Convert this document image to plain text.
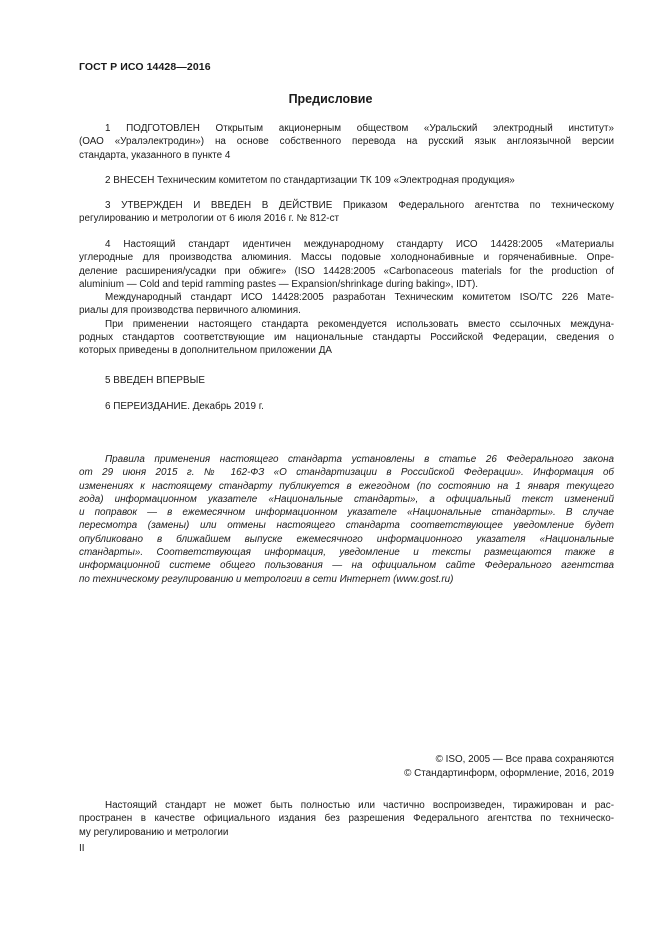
ГОСТ Р ИСО 14428—2016
Предисловие
1 ПОДГОТОВЛЕН Открытым акционерным обществом «Уральский электродный институт»
(ОАО «Уралэлектродин») на основе собственного перевода на русский язык англоязычной версии
стандарта, указанного в пункте 4
2 ВНЕСЕН Техническим комитетом по стандартизации ТК 109 «Электродная продукция»
3 УТВЕРЖДЕН И ВВЕДЕН В ДЕЙСТВИЕ Приказом Федерального агентства по техническому
регулированию и метрологии от 6 июля 2016 г. № 812-ст
4 Настоящий стандарт идентичен международному стандарту ИСО 14428:2005 «Материалы
углеродные для производства алюминия. Массы подовые холоднонабивные и горяченабивные. Опре-
деление расширения/усадки при обжиге» (ISO 14428:2005 «Carbonaceous materials for the production of
aluminium — Cold and tepid ramming pastes — Expansion/shrinkage during baking», IDT).
Международный стандарт ИСО 14428:2005 разработан Техническим комитетом ISO/TC 226 Мате-
риалы для производства первичного алюминия.
При применении настоящего стандарта рекомендуется использовать вместо ссылочных междуна-
родных стандартов соответствующие им национальные стандарты Российской Федерации, сведения о
которых приведены в дополнительном приложении ДА
5 ВВЕДЕН ВПЕРВЫЕ
6 ПЕРЕИЗДАНИЕ. Декабрь 2019 г.
Правила применения настоящего стандарта установлены в статье 26 Федерального закона
от 29 июня 2015 г. № 162-ФЗ «О стандартизации в Российской Федерации». Информация об
изменениях к настоящему стандарту публикуется в ежегодном (по состоянию на 1 января текущего
года) информационном указателе «Национальные стандарты», а официальный текст изменений
и поправок — в ежемесячном информационном указателе «Национальные стандарты». В случае
пересмотра (замены) или отмены настоящего стандарта соответствующее уведомление будет
опубликовано в ближайшем выпуске ежемесячного информационного указателя «Национальные
стандарты». Соответствующая информация, уведомление и тексты размещаются также в
информационной системе общего пользования — на официальном сайте Федерального агентства
по техническому регулированию и метрологии в сети Интернет (www.gost.ru)
© ISO, 2005 — Все права сохраняются
© Стандартинформ, оформление, 2016, 2019
Настоящий стандарт не может быть полностью или частично воспроизведен, тиражирован и рас-
пространен в качестве официального издания без разрешения Федерального агентства по техническо-
му регулированию и метрологии
II
